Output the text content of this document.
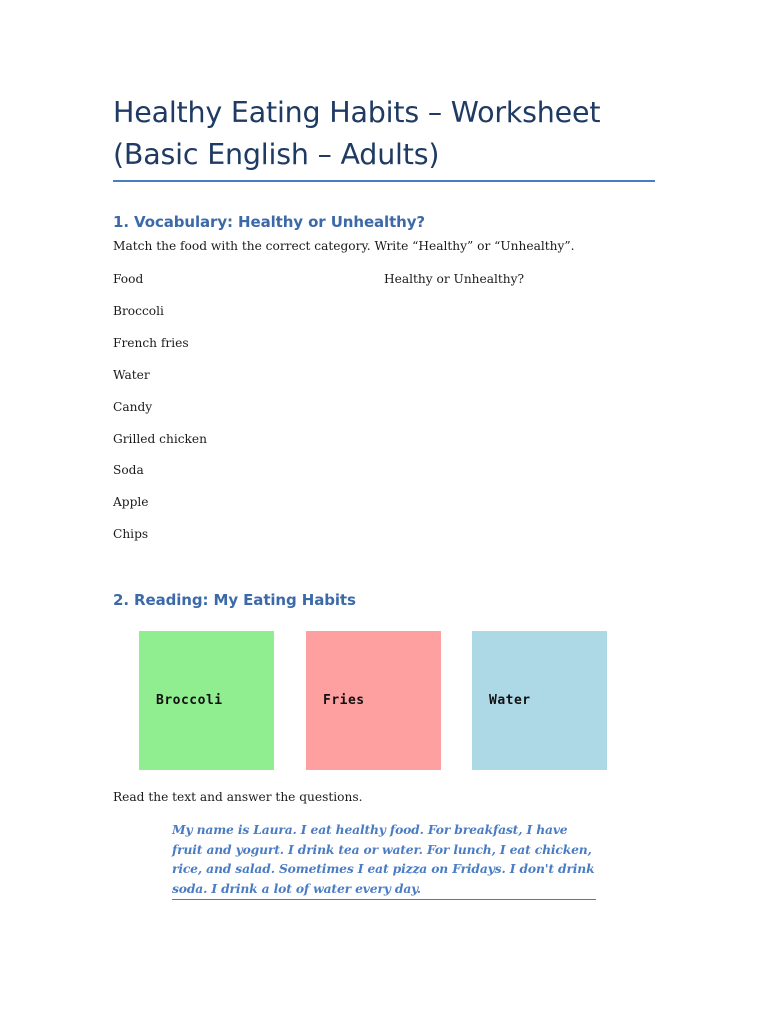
Healthy Eating Habits – Worksheet
(Basic English – Adults)
1. Vocabulary: Healthy or Unhealthy?

Match the food with the correct category. Write “Healthy” or “Unhealthy”.

Food	Healthy or Unhealthy?
Broccoli
French fries
Water
Candy
Grilled chicken
Soda
Apple
Chips
2. Reading: My Eating Habits
Broccoli	Fries	Water

Read the text and answer the questions.

My name is Laura. I eat healthy food. For breakfast, I have fruit and yogurt. I drink tea or water. For lunch, I eat chicken, rice, and salad. Sometimes I eat pizza on Fridays. I don't drink soda. I drink a lot of water every day.
